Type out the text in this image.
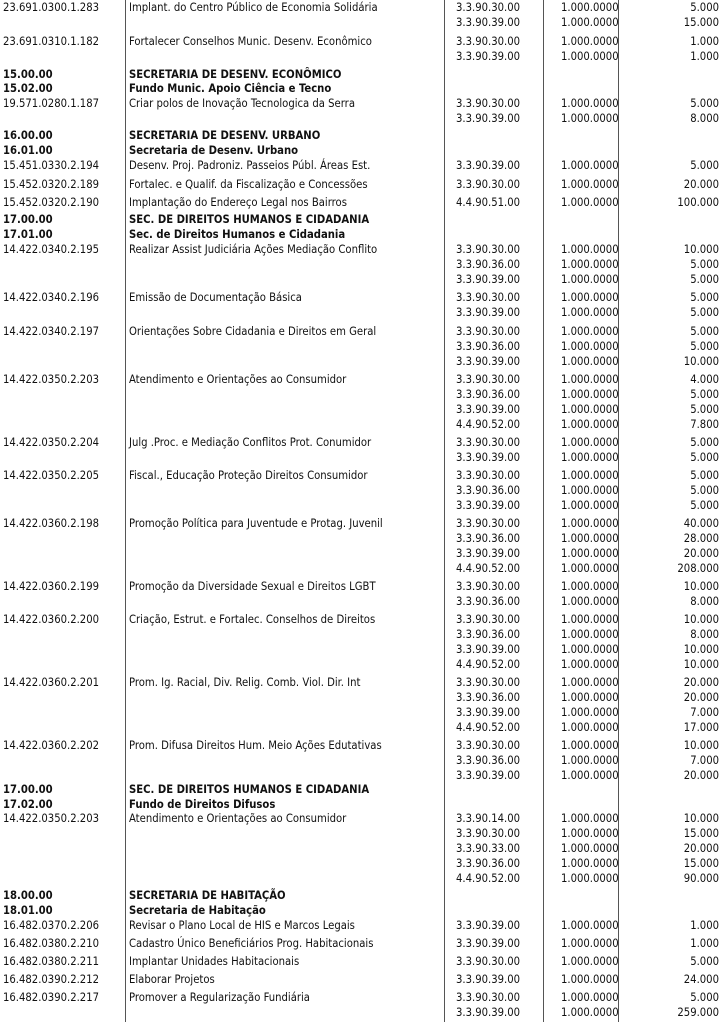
23.691.0300.1.283	Implant. do Centro Público de Economia Solidária	3.3.90.30.00	1.000.0000	5.000
3.3.90.39.00	1.000.0000	15.000
23.691.0310.1.182	Fortalecer Conselhos Munic. Desenv. Econômico	3.3.90.30.00	1.000.0000	1.000
3.3.90.39.00	1.000.0000	1.000
15.00.00	SECRETARIA DE DESENV. ECONÔMICO
15.02.00	Fundo Munic. Apoio Ciência e Tecno
19.571.0280.1.187	Criar polos de Inovação Tecnologica da Serra	3.3.90.30.00	1.000.0000	5.000
3.3.90.39.00	1.000.0000	8.000
16.00.00	SECRETARIA DE DESENV. URBANO
16.01.00	Secretaria de Desenv. Urbano
15.451.0330.2.194	Desenv. Proj. Padroniz. Passeios Públ. Áreas Est.	3.3.90.39.00	1.000.0000	5.000
15.452.0320.2.189	Fortalec. e Qualif. da Fiscalização e Concessões	3.3.90.30.00	1.000.0000	20.000
15.452.0320.2.190	Implantação do Endereço Legal nos Bairros	4.4.90.51.00	1.000.0000	100.000
17.00.00	SEC. DE DIREITOS HUMANOS E CIDADANIA
17.01.00	Sec. de Direitos Humanos e Cidadania
14.422.0340.2.195	Realizar Assist Judiciária Ações Mediação Conflito	3.3.90.30.00	1.000.0000	10.000
3.3.90.36.00	1.000.0000	5.000
3.3.90.39.00	1.000.0000	5.000
14.422.0340.2.196	Emissão de Documentação Básica	3.3.90.30.00	1.000.0000	5.000
3.3.90.39.00	1.000.0000	5.000
14.422.0340.2.197	Orientações Sobre Cidadania e Direitos em Geral	3.3.90.30.00	1.000.0000	5.000
3.3.90.36.00	1.000.0000	5.000
3.3.90.39.00	1.000.0000	10.000
14.422.0350.2.203	Atendimento e Orientações ao Consumidor	3.3.90.30.00	1.000.0000	4.000
3.3.90.36.00	1.000.0000	5.000
3.3.90.39.00	1.000.0000	5.000
4.4.90.52.00	1.000.0000	7.800
14.422.0350.2.204	Julg .Proc. e Mediação Conflitos Prot. Conumidor	3.3.90.30.00	1.000.0000	5.000
3.3.90.39.00	1.000.0000	5.000
14.422.0350.2.205	Fiscal., Educação Proteção Direitos Consumidor	3.3.90.30.00	1.000.0000	5.000
3.3.90.36.00	1.000.0000	5.000
3.3.90.39.00	1.000.0000	5.000
14.422.0360.2.198	Promoção Política para Juventude e Protag. Juvenil	3.3.90.30.00	1.000.0000	40.000
3.3.90.36.00	1.000.0000	28.000
3.3.90.39.00	1.000.0000	20.000
4.4.90.52.00	1.000.0000	208.000
14.422.0360.2.199	Promoção da Diversidade Sexual e Direitos LGBT	3.3.90.30.00	1.000.0000	10.000
3.3.90.36.00	1.000.0000	8.000
14.422.0360.2.200	Criação, Estrut. e Fortalec. Conselhos de Direitos	3.3.90.30.00	1.000.0000	10.000
3.3.90.36.00	1.000.0000	8.000
3.3.90.39.00	1.000.0000	10.000
4.4.90.52.00	1.000.0000	10.000
14.422.0360.2.201	Prom. Ig. Racial, Div. Relig. Comb. Viol. Dir. Int	3.3.90.30.00	1.000.0000	20.000
3.3.90.36.00	1.000.0000	20.000
3.3.90.39.00	1.000.0000	7.000
4.4.90.52.00	1.000.0000	17.000
14.422.0360.2.202	Prom. Difusa Direitos Hum. Meio Ações Edutativas	3.3.90.30.00	1.000.0000	10.000
3.3.90.36.00	1.000.0000	7.000
3.3.90.39.00	1.000.0000	20.000
17.00.00	SEC. DE DIREITOS HUMANOS E CIDADANIA
17.02.00	Fundo de Direitos Difusos
14.422.0350.2.203	Atendimento e Orientações ao Consumidor	3.3.90.14.00	1.000.0000	10.000
3.3.90.30.00	1.000.0000	15.000
3.3.90.33.00	1.000.0000	20.000
3.3.90.36.00	1.000.0000	15.000
4.4.90.52.00	1.000.0000	90.000
18.00.00	SECRETARIA DE HABITAÇÃO
18.01.00	Secretaria de Habitação
16.482.0370.2.206	Revisar o Plano Local de HIS e Marcos Legais	3.3.90.39.00	1.000.0000	1.000
16.482.0380.2.210	Cadastro Único Beneficiários Prog. Habitacionais	3.3.90.39.00	1.000.0000	1.000
16.482.0380.2.211	Implantar Unidades Habitacionais	3.3.90.30.00	1.000.0000	5.000
16.482.0390.2.212	Elaborar Projetos	3.3.90.39.00	1.000.0000	24.000
16.482.0390.2.217	Promover a Regularização Fundiária	3.3.90.30.00	1.000.0000	5.000
3.3.90.39.00	1.000.0000	259.000
